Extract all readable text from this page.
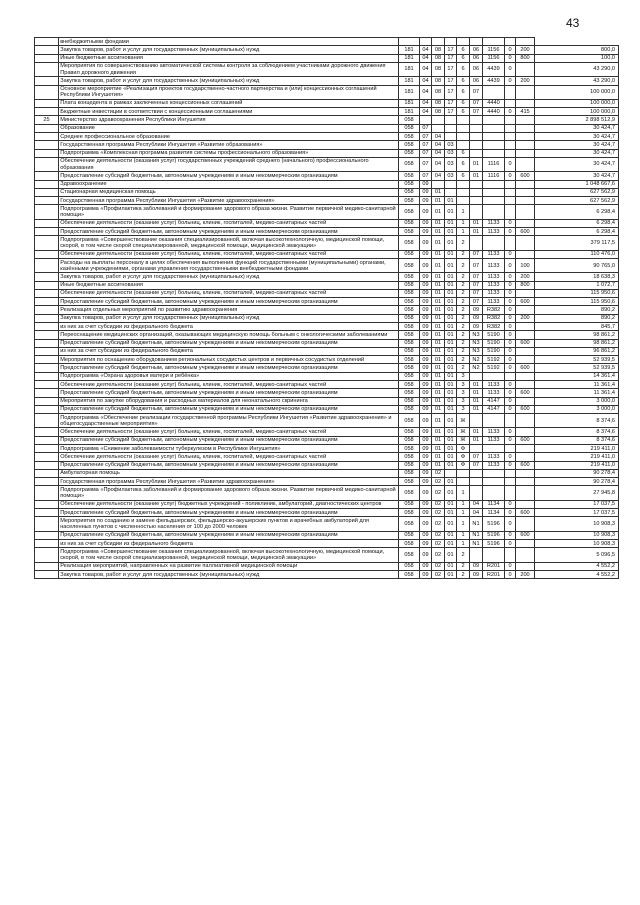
43
	внебюджетными фондами										
	Закупка товаров, работ и услуг для государственных (муниципальных) нужд	181	04	08	17	6	06	1156	0	200	800,0
	Иные бюджетные ассигнования	181	04	08	17	6	06	1156	0	800	100,0
	Мероприятия по совершенствованию автоматической системы контроля за соблюдением участниками дорожного движения Правил дорожного движения	181	04	08	17	6	06	4439	0		43 290,0
	Закупка товаров, работ и услуг для государственных (муниципальных) нужд	181	04	08	17	6	06	4439	0	200	43 290,0
	Основное мероприятие «Реализация проектов государственно-частного партнерства и (или) концессионных соглашений Республики Ингушетия»	181	04	08	17	6	07				100 000,0
	Плата концедента в рамках заключенных концессионных соглашений	181	04	08	17	6	07	4440			100 000,0
	Бюджетные инвестиции в соответствии с концессионными соглашениями	181	04	08	17	6	07	4440	0	415	100 000,0
25	Министерство здравоохранения Республики Ингушетия	058									2 898 512,9
	Образование	058	07								30 424,7
	Среднее профессиональное образование	058	07	04							30 424,7
	Государственная программа Республики Ингушетия «Развитие образования»	058	07	04	03						30 424,7
	Подпрограмма «Комплексная программа развития системы профессионального образования»	058	07	04	03	6					30 424,7
	Обеспечение деятельности (оказания услуг) государственных учреждений среднего (начального) профессионального образования	058	07	04	03	6	01	1116	0		30 424,7
	Предоставление субсидий бюджетным, автономным учреждениям и иным некоммерческим организациям	058	07	04	03	6	01	1116	0	600	30 424,7
	Здравоохранение	058	09								1 048 667,6
	Стационарная медицинская помощь	058	09	01							627 562,9
	Государственная программа Республики Ингушетия «Развитие здравоохранения»	058	09	01	01						627 562,9
	Подпрограмма «Профилактика заболеваний и формирование здорового образа жизни. Развитие первичной медико-санитарной помощи»	058	09	01	01	1					6 298,4
	Обеспечение деятельности (оказание услуг) больниц, клиник, госпиталей, медико-санитарных частей	058	09	01	01	1	01	1133	0		6 298,4
	Предоставление субсидий бюджетным, автономным учреждениям и иным некоммерческим организациям	058	09	01	01	1	01	1133	0	600	6 298,4
	Подпрограмма «Совершенствование оказания специализированной, включая высокотехнологичную, медицинской помощи, скорой, в том числе скорой специализированной, медицинской помощи, медицинской эвакуации»	058	09	01	01	2					379 117,5
	Обеспечение деятельности (оказание услуг) больниц, клиник, госпиталей, медико-санитарных частей	058	09	01	01	2	07	1133	0		110 476,0
	Расходы на выплаты персоналу в целях обеспечения выполнения функций государственными (муниципальными) органами, казёнными учреждениями, органами управления государственными внебюджетными фондами	058	09	01	01	2	07	1133	0	100	90 765,0
	Закупка товаров, работ и услуг для государственных (муниципальных) нужд	058	09	01	01	2	07	1133	0	200	18 638,3
	Иные бюджетные ассигнования	058	09	01	01	2	07	1133	0	800	1 072,7
	Обеспечение деятельности (оказание услуг) больниц, клиник, госпиталей, медико-санитарных частей	058	09	01	01	2	07	1133	0		115 950,6
	Предоставление субсидий бюджетным, автономным учреждениям и иным некоммерческим организациям	058	09	01	01	2	07	1133	0	600	115 950,6
	Реализация отдельных мероприятий по развитию здравоохранения	058	09	01	01	2	09	R382	0		890,2
	Закупка товаров, работ и услуг для государственных (муниципальных) нужд	058	09	01	01	2	09	R382	0	200	890,2
	из них за счет субсидии из федерального бюджета	058	09	01	01	2	09	R382	0		845,7
	Переоснащение медицинских организаций, оказывающих медицинскую помощь больным с онкологическими заболеваниями	058	09	01	01	2	N3	5190	0		98 861,2
	Предоставление субсидий бюджетным, автономным учреждениям и иным некоммерческим организациям	058	09	01	01	2	N3	5190	0	600	98 861,2
	из них за счет субсидии из федерального бюджета	058	09	01	01	2	N3	5190	0		96 861,2
	Мероприятия по оснащению оборудованием региональных сосудистых центров и первичных сосудистых отделений	058	09	01	01	2	N2	5192	0		52 939,5
	Предоставление субсидий бюджетным, автономным учреждениям и иным некоммерческим организациям	058	09	01	01	2	N2	5192	0	600	52 939,5
	Подпрограмма «Охрана здоровья матери и ребёнка»	058	09	01	01	3					14 361,4
	Обеспечение деятельности (оказание услуг) больниц, клиник, госпиталей, медико-санитарных частей	058	09	01	01	3	01	1133	0		11 361,4
	Предоставление субсидий бюджетным, автономным учреждениям и иным некоммерческим организациям	058	09	01	01	3	01	1133	0	600	11 361,4
	Мероприятия по закупке оборудования и расходных материалов для неонатального скрининга	058	09	01	01	3	01	4147	0		3 000,0
	Предоставление субсидий бюджетным, автономным учреждениям и иным некоммерческим организациям	058	09	01	01	3	01	4147	0	600	3 000,0
	Подпрограмма «Обеспечение реализации государственной программы Республики Ингушетия «Развитие здравоохранения» и общегосударственные мероприятия»	058	09	01	01	Ж					8 374,6
	Обеспечение деятельности (оказание услуг) больниц, клиник, госпиталей, медико-санитарных частей	058	09	01	01	Ж	01	1133	0		8 374,6
	Предоставление субсидий бюджетным, автономным учреждениям и иным некоммерческим организациям	058	09	01	01	Ж	01	1133	0	600	8 374,6
	Подпрограмма «Снижение заболеваемости туберкулезом в Республике Ингушетия»	058	09	01	01	Ф					219 411,0
	Обеспечение деятельности (оказание услуг) больниц, клиник, госпиталей, медико-санитарных частей	058	09	01	01	Ф	07	1133	0		219 411,0
	Предоставление субсидий бюджетным, автономным учреждениям и иным некоммерческим организациям	058	09	01	01	Ф	07	1133	0	600	219 411,0
	Амбулаторная помощь	058	09	02							90 278,4
	Государственная программа Республики Ингушетия «Развитие здравоохранения»	058	09	02	01						90 278,4
	Подпрограмма «Профилактика заболеваний и формирование здорового образа жизни. Развитие первичной медико-санитарной помощи»	058	09	02	01	1					27 945,8
	Обеспечение деятельности (оказание услуг) бюджетных учреждений - поликлиник, амбулаторий, диагностических центров	058	09	02	01	1	04	1134	0		17 037,5
	Предоставление субсидий бюджетным, автономным учреждениям и иным некоммерческим организациям	058	09	02	01	1	04	1134	0	600	17 037,5
	Мероприятия по созданию и замене фельдшерских, фельдшерско-акушерских пунктов и врачебных амбулаторий для населенных пунктов с численностью населения от 100 до 2000 человек	058	09	02	01	1	N1	5196	0		10 908,3
	Предоставление субсидий бюджетным, автономным учреждениям и иным некоммерческим организациям	058	09	02	01	1	N1	5196	0	600	10 908,3
	из них за счет субсидии из федерального бюджета	058	09	02	01	1	N1	5196	0		10 908,3
	Подпрограмма «Совершенствование оказания специализированной, включая высокотехнологичную, медицинской помощи, скорой, в том числе скорой специализированной, медицинской помощи, медицинской эвакуации»	058	09	02	01	2					5 096,5
	Реализация мероприятий, направленных на развитие паллиативной медицинской помощи	058	09	02	01	2	09	R201	0		4 552,2
	Закупка товаров, работ и услуг для государственных (муниципальных) нужд	058	09	02	01	2	09	R201	0	200	4 552,2
